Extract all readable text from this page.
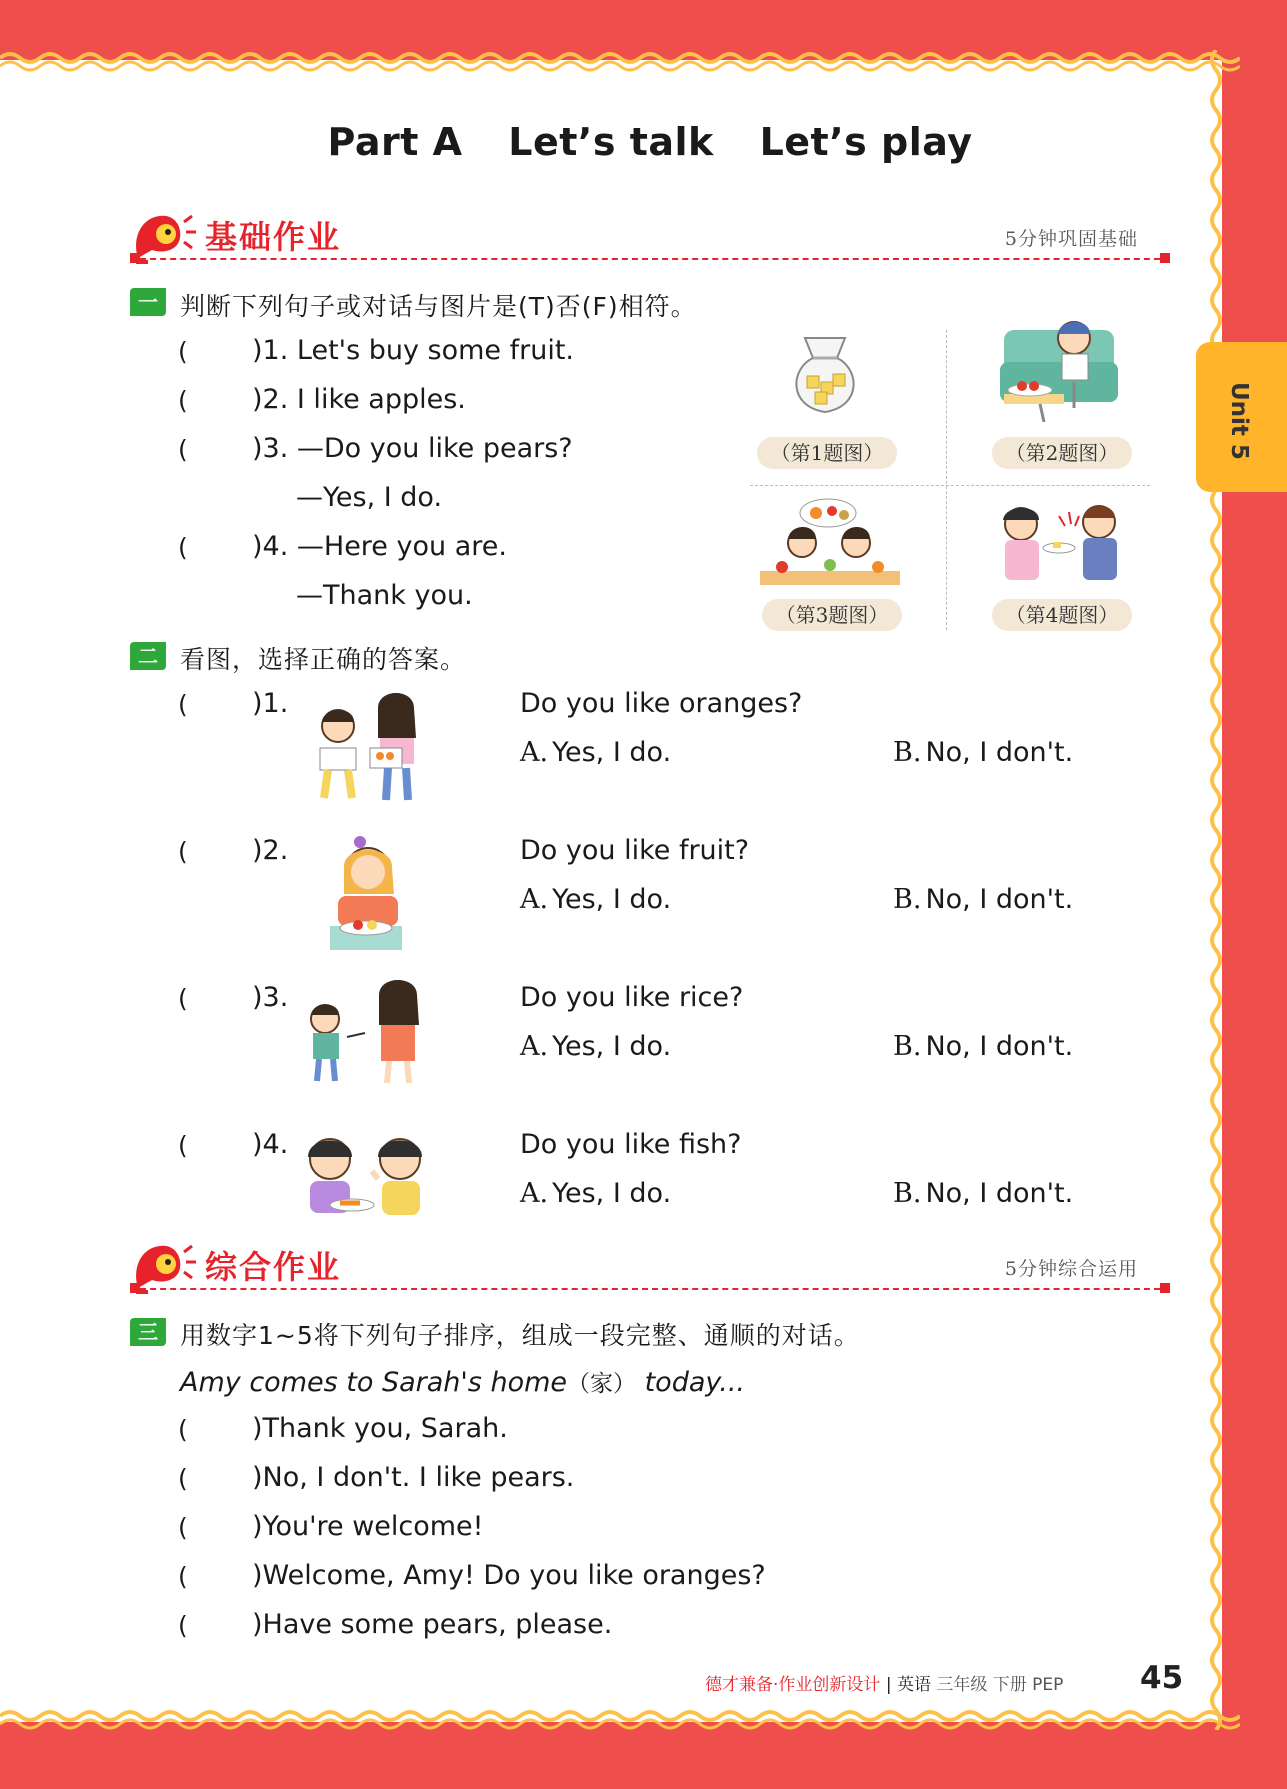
Part A Let’s talk Let’s play
Unit 5
基础作业	5分钟巩固基础
一 判断下列句子或对话与图片是(T)否(F)相符。
( )1. Let's buy some fruit.
( )2. I like apples.
( )3. —Do you like pears?
—Yes, I do.
( )4. —Here you are.
—Thank you.
（第1题图）	（第2题图）
（第3题图）	（第4题图）
二 看图，选择正确的答案。
( )1.	Do you like oranges?
A. Yes, I do.	B. No, I don't.
( )2.	Do you like fruit?
A. Yes, I do.	B. No, I don't.
( )3.	Do you like rice?
A. Yes, I do.	B. No, I don't.
( )4.	Do you like fish?
A. Yes, I do.	B. No, I don't.
综合作业	5分钟综合运用
三 用数字1~5将下列句子排序，组成一段完整、通顺的对话。
Amy comes to Sarah's home（家） today...
( )Thank you, Sarah.
( )No, I don't. I like pears.
( )You're welcome!
( )Welcome, Amy! Do you like oranges?
( )Have some pears, please.
德才兼备·作业创新设计 | 英语 三年级 下册 PEP 45
